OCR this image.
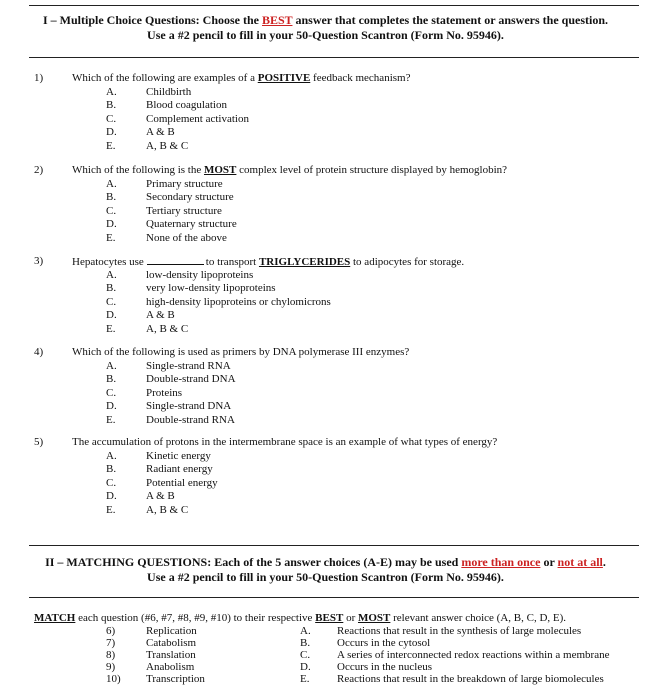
I – Multiple Choice Questions: Choose the BEST answer that completes the statement or answers the question.
Use a #2 pencil to fill in your 50-Question Scantron (Form No. 95946).
1)	Which of the following are examples of a POSITIVE feedback mechanism?
A.	Childbirth
B.	Blood coagulation
C.	Complement activation
D.	A & B
E.	A, B & C
2)	Which of the following is the MOST complex level of protein structure displayed by hemoglobin?
A.	Primary structure
B.	Secondary structure
C.	Tertiary structure
D.	Quaternary structure
E.	None of the above
3)	Hepatocytes use	to transport TRIGLYCERIDES to adipocytes for storage.
A.	low-density lipoproteins
B.	very low-density lipoproteins
C.	high-density lipoproteins or chylomicrons
D.	A & B
E.	A, B & C
4)	Which of the following is used as primers by DNA polymerase III enzymes?
A.	Single-strand RNA
B.	Double-strand DNA
C.	Proteins
D.	Single-strand DNA
E.	Double-strand RNA
5)	The accumulation of protons in the intermembrane space is an example of what types of energy?
A.	Kinetic energy
B.	Radiant energy
C.	Potential energy
D.	A & B
E.	A, B & C
II – MATCHING QUESTIONS: Each of the 5 answer choices (A-E) may be used more than once or not at all.
Use a #2 pencil to fill in your 50-Question Scantron (Form No. 95946).
MATCH each question (#6, #7, #8, #9, #10) to their respective BEST or MOST relevant answer choice (A, B, C, D, E).
6)	Replication	A. Reactions that result in the synthesis of large molecules
7)	Catabolism	B. Occurs in the cytosol
8)	Translation	C. A series of interconnected redox reactions within a membrane
9)	Anabolism	D. Occurs in the nucleus
10) Transcription	E.	Reactions that result in the breakdown of large biomolecules
